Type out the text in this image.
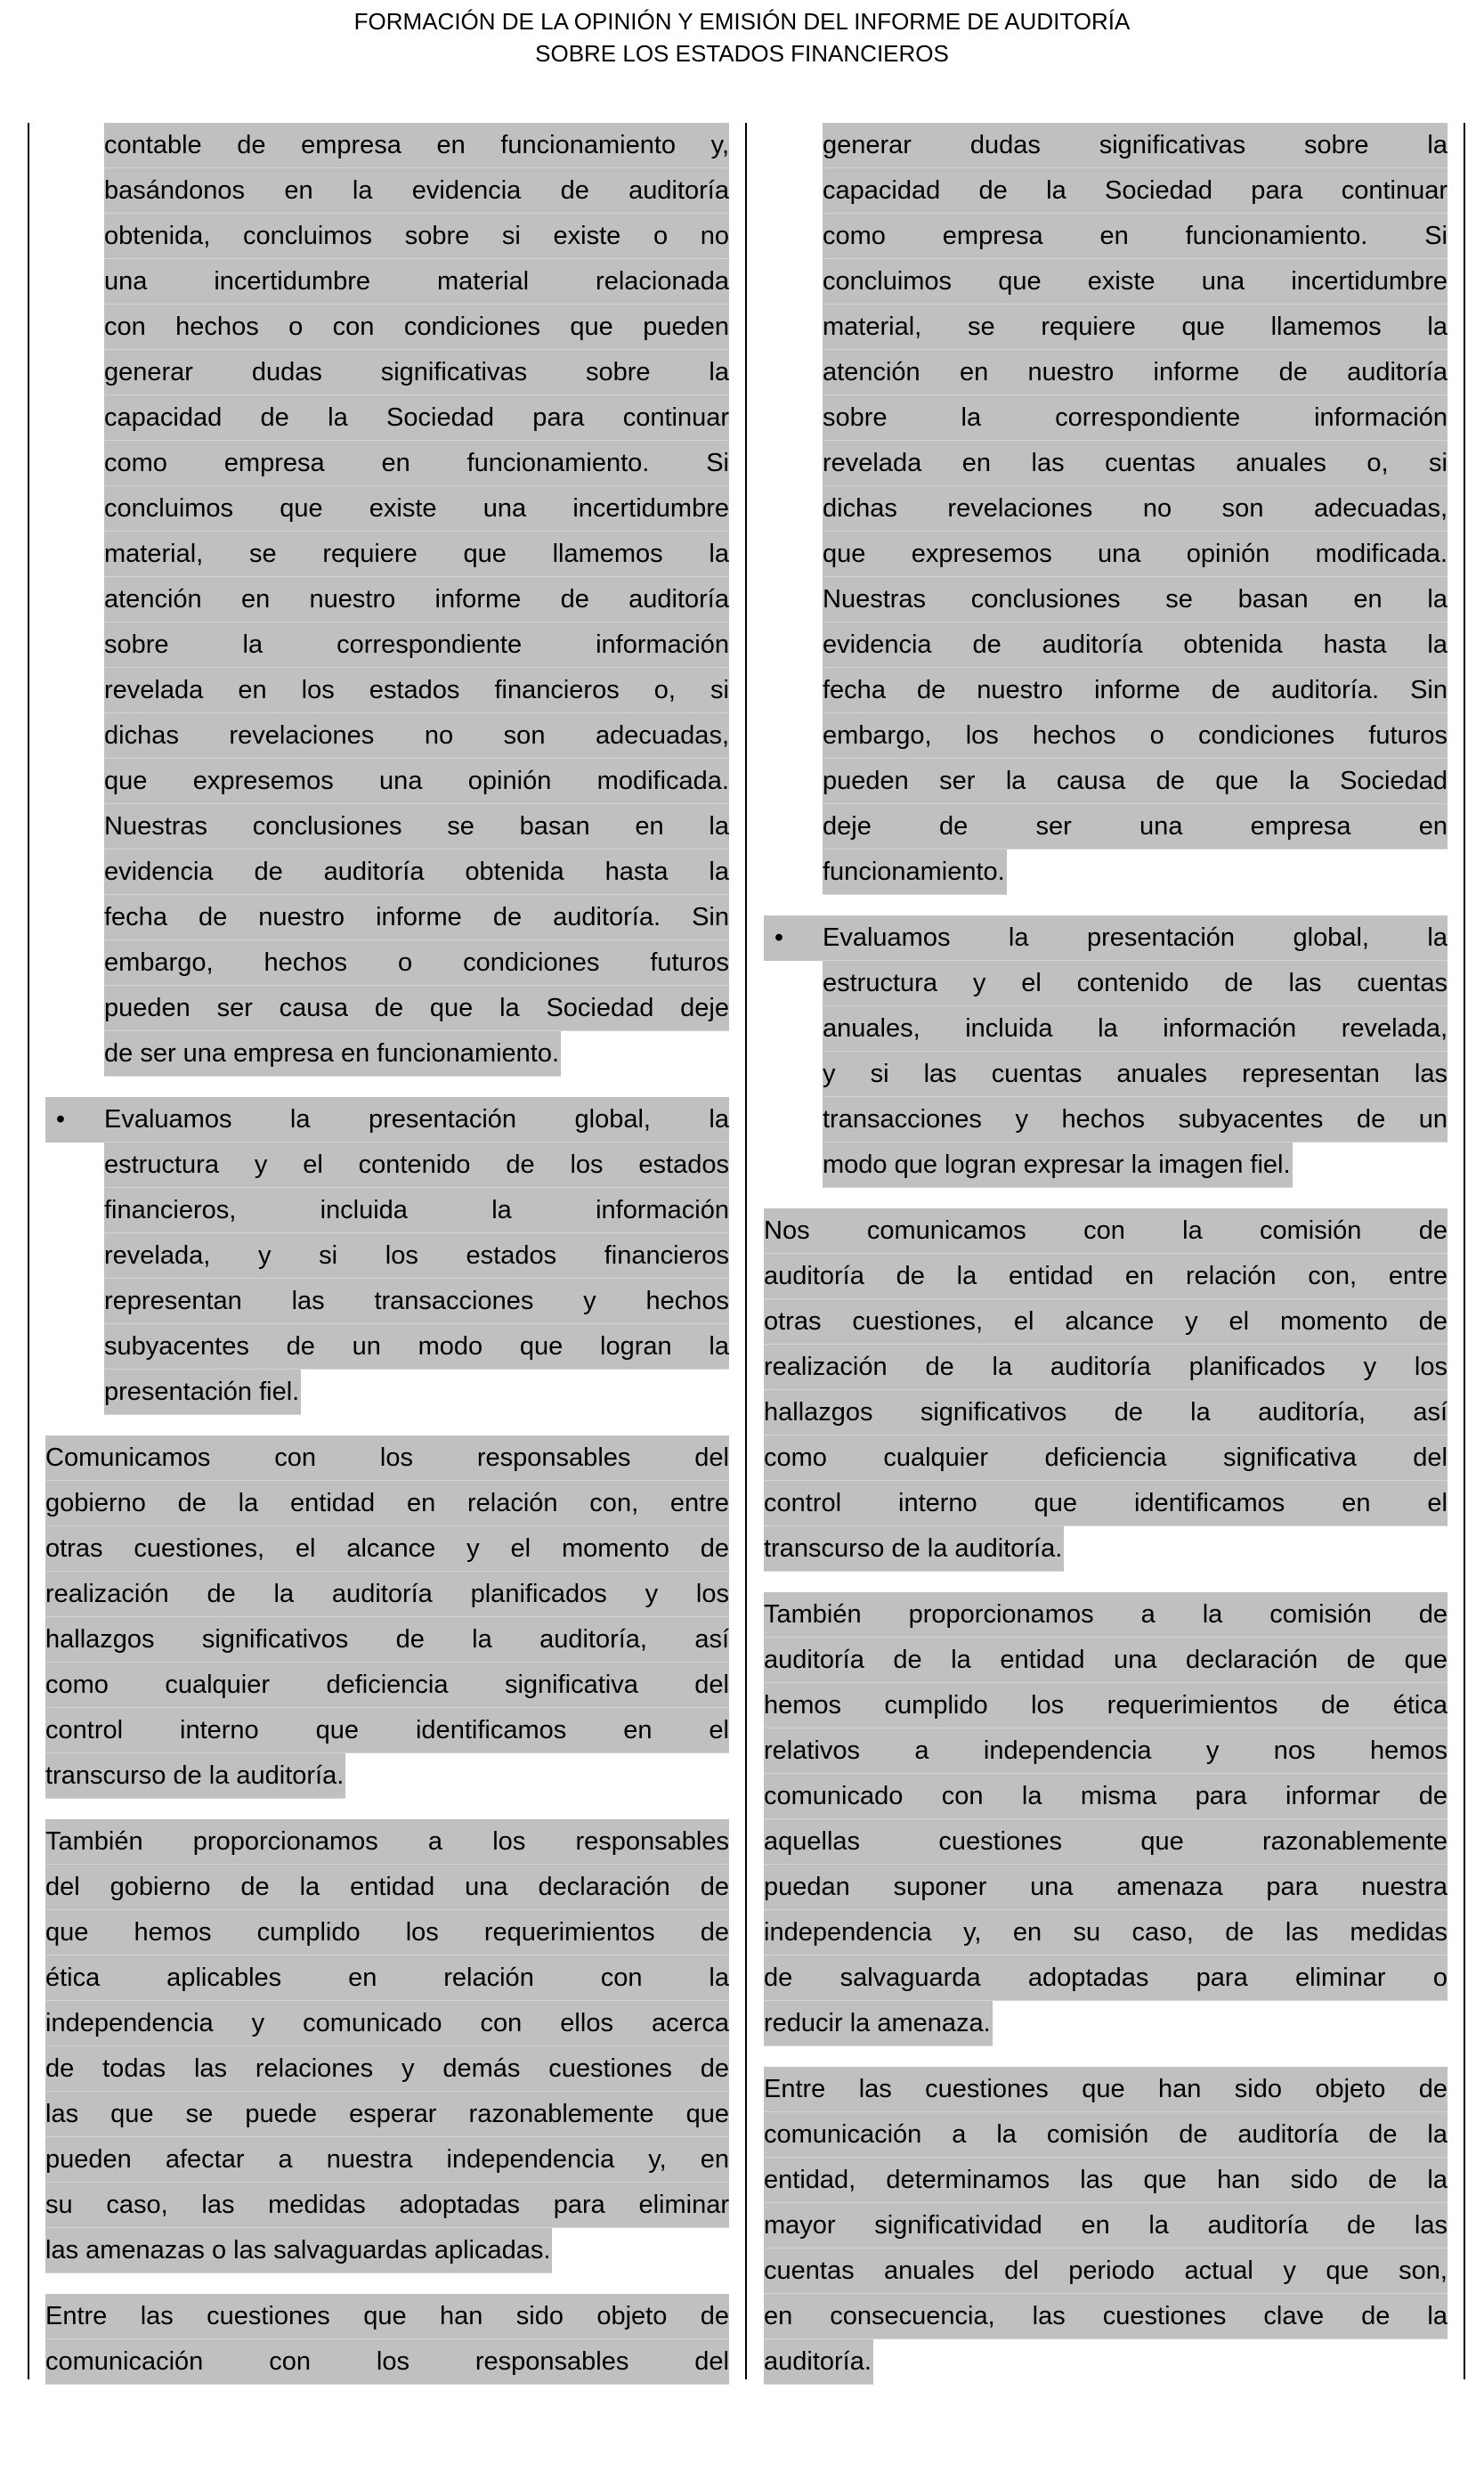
FORMACIÓN DE LA OPINIÓN Y EMISIÓN DEL INFORME DE AUDITORÍA
SOBRE LOS ESTADOS FINANCIEROS
contable de empresa en funcionamiento y,
basándonos en la evidencia de auditoría
obtenida, concluimos sobre si existe o no
una incertidumbre material relacionada
con hechos o con condiciones que pueden
generar dudas significativas sobre la
capacidad de la Sociedad para continuar
como empresa en funcionamiento. Si
concluimos que existe una incertidumbre
material, se requiere que llamemos la
atención en nuestro informe de auditoría
sobre la correspondiente información
revelada en los estados financieros o, si
dichas revelaciones no son adecuadas,
que expresemos una opinión modificada.
Nuestras conclusiones se basan en la
evidencia de auditoría obtenida hasta la
fecha de nuestro informe de auditoría. Sin
embargo, hechos o condiciones futuros
pueden ser causa de que la Sociedad deje
de ser una empresa en funcionamiento.
•	Evaluamos la presentación global, la
estructura y el contenido de los estados
financieros, incluida la información
revelada, y si los estados financieros
representan las transacciones y hechos
subyacentes de un modo que logran la
presentación fiel.
Comunicamos con los responsables del
gobierno de la entidad en relación con, entre
otras cuestiones, el alcance y el momento de
realización de la auditoría planificados y los
hallazgos significativos de la auditoría, así
como cualquier deficiencia significativa del
control interno que identificamos en el
transcurso de la auditoría.
También proporcionamos a los responsables
del gobierno de la entidad una declaración de
que hemos cumplido los requerimientos de
ética aplicables en relación con la
independencia y comunicado con ellos acerca
de todas las relaciones y demás cuestiones de
las que se puede esperar razonablemente que
pueden afectar a nuestra independencia y, en
su caso, las medidas adoptadas para eliminar
las amenazas o las salvaguardas aplicadas.
Entre las cuestiones que han sido objeto de
comunicación con los responsables del
generar dudas significativas sobre la
capacidad de la Sociedad para continuar
como empresa en funcionamiento. Si
concluimos que existe una incertidumbre
material, se requiere que llamemos la
atención en nuestro informe de auditoría
sobre la correspondiente información
revelada en las cuentas anuales o, si
dichas revelaciones no son adecuadas,
que expresemos una opinión modificada.
Nuestras conclusiones se basan en la
evidencia de auditoría obtenida hasta la
fecha de nuestro informe de auditoría. Sin
embargo, los hechos o condiciones futuros
pueden ser la causa de que la Sociedad
deje de ser una empresa en
funcionamiento.
•	Evaluamos la presentación global, la
estructura y el contenido de las cuentas
anuales, incluida la información revelada,
y si las cuentas anuales representan las
transacciones y hechos subyacentes de un
modo que logran expresar la imagen fiel.
Nos comunicamos con la comisión de
auditoría de la entidad en relación con, entre
otras cuestiones, el alcance y el momento de
realización de la auditoría planificados y los
hallazgos significativos de la auditoría, así
como cualquier deficiencia significativa del
control interno que identificamos en el
transcurso de la auditoría.
También proporcionamos a la comisión de
auditoría de la entidad una declaración de que
hemos cumplido los requerimientos de ética
relativos a independencia y nos hemos
comunicado con la misma para informar de
aquellas cuestiones que razonablemente
puedan suponer una amenaza para nuestra
independencia y, en su caso, de las medidas
de salvaguarda adoptadas para eliminar o
reducir la amenaza.
Entre las cuestiones que han sido objeto de
comunicación a la comisión de auditoría de la
entidad, determinamos las que han sido de la
mayor significatividad en la auditoría de las
cuentas anuales del periodo actual y que son,
en consecuencia, las cuestiones clave de la
auditoría.
